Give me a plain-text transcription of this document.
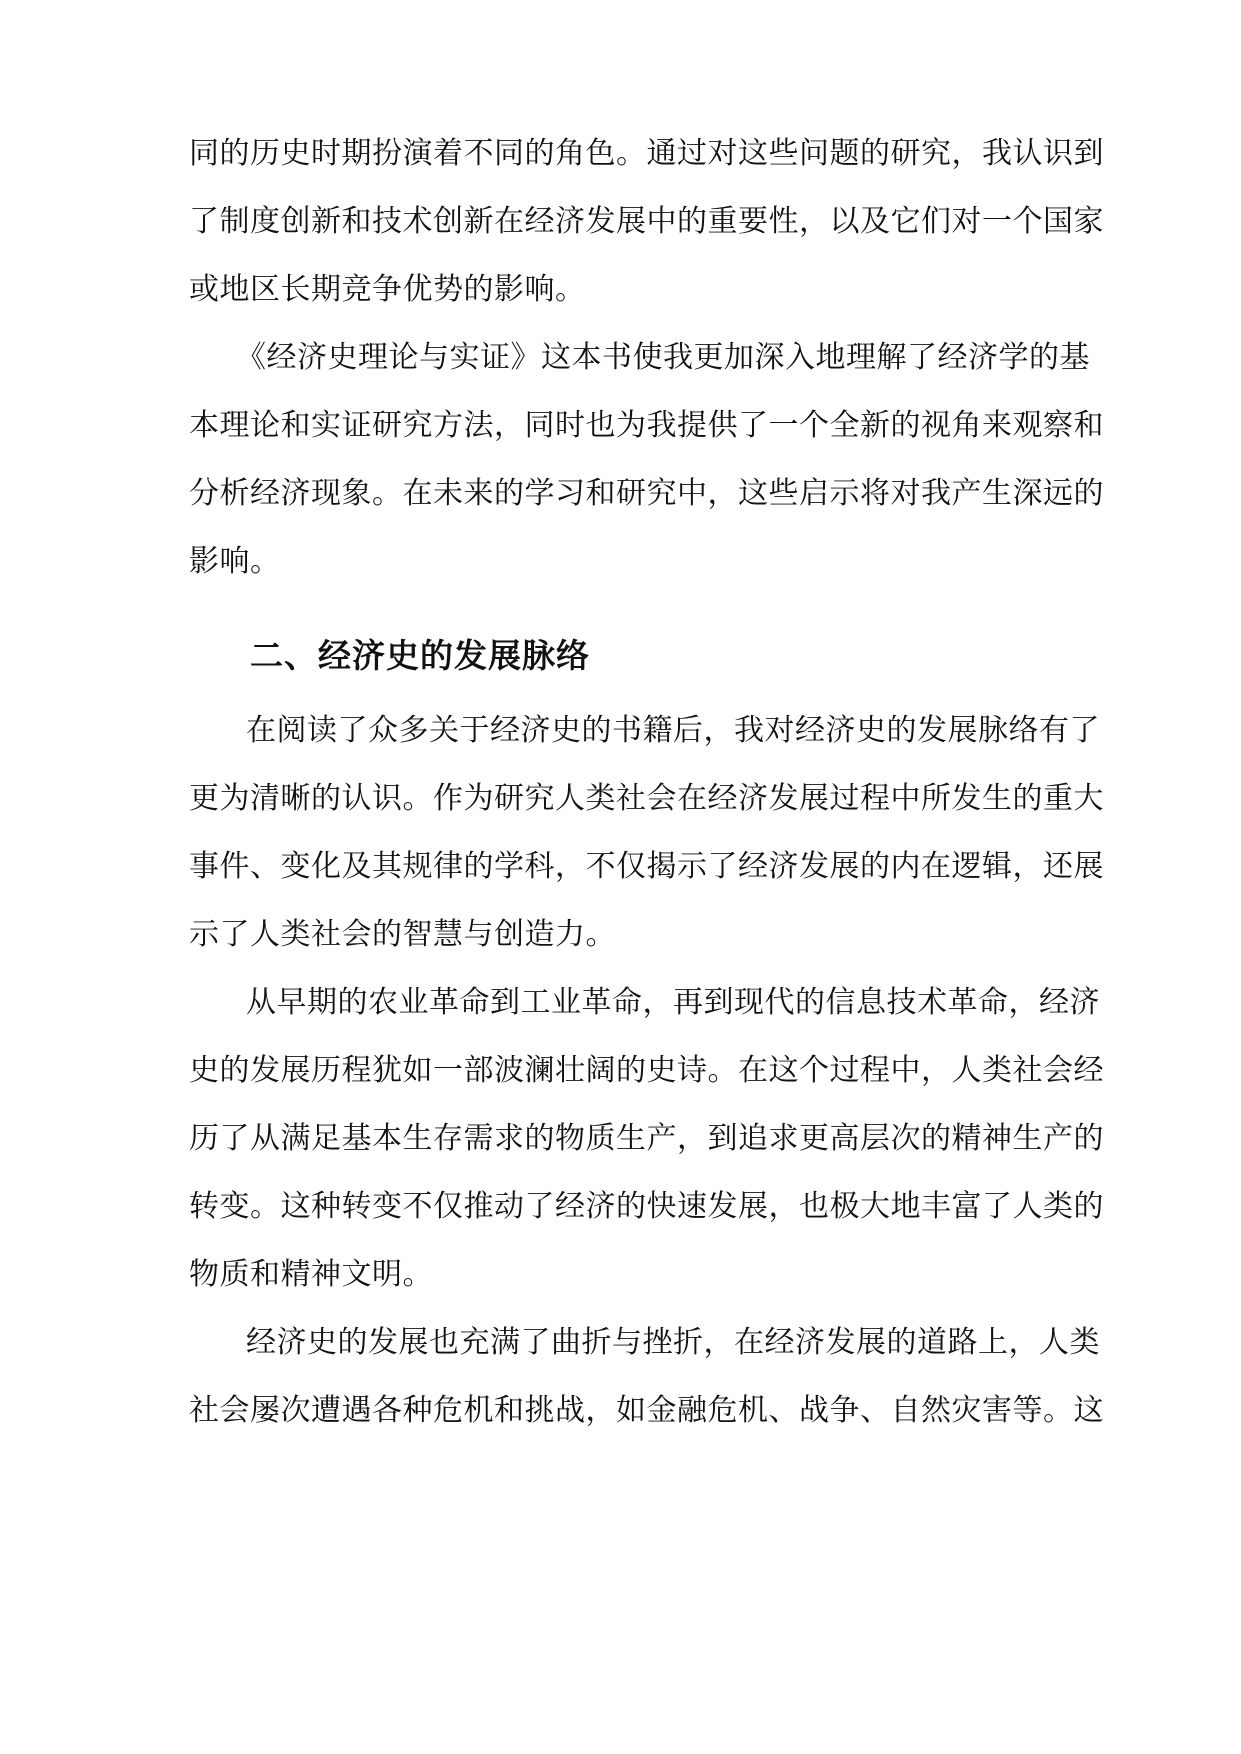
同的历史时期扮演着不同的角色。通过对这些问题的研究，我认识到
了制度创新和技术创新在经济发展中的重要性，以及它们对一个国家
或地区长期竞争优势的影响。
《经济史理论与实证》这本书使我更加深入地理解了经济学的基
本理论和实证研究方法，同时也为我提供了一个全新的视角来观察和
分析经济现象。在未来的学习和研究中，这些启示将对我产生深远的
影响。
二、经济史的发展脉络
在阅读了众多关于经济史的书籍后，我对经济史的发展脉络有了
更为清晰的认识。作为研究人类社会在经济发展过程中所发生的重大
事件、变化及其规律的学科，不仅揭示了经济发展的内在逻辑，还展
示了人类社会的智慧与创造力。
从早期的农业革命到工业革命，再到现代的信息技术革命，经济
史的发展历程犹如一部波澜壮阔的史诗。在这个过程中，人类社会经
历了从满足基本生存需求的物质生产，到追求更高层次的精神生产的
转变。这种转变不仅推动了经济的快速发展，也极大地丰富了人类的
物质和精神文明。
经济史的发展也充满了曲折与挫折，在经济发展的道路上，人类
社会屡次遭遇各种危机和挑战，如金融危机、战争、自然灾害等。这
